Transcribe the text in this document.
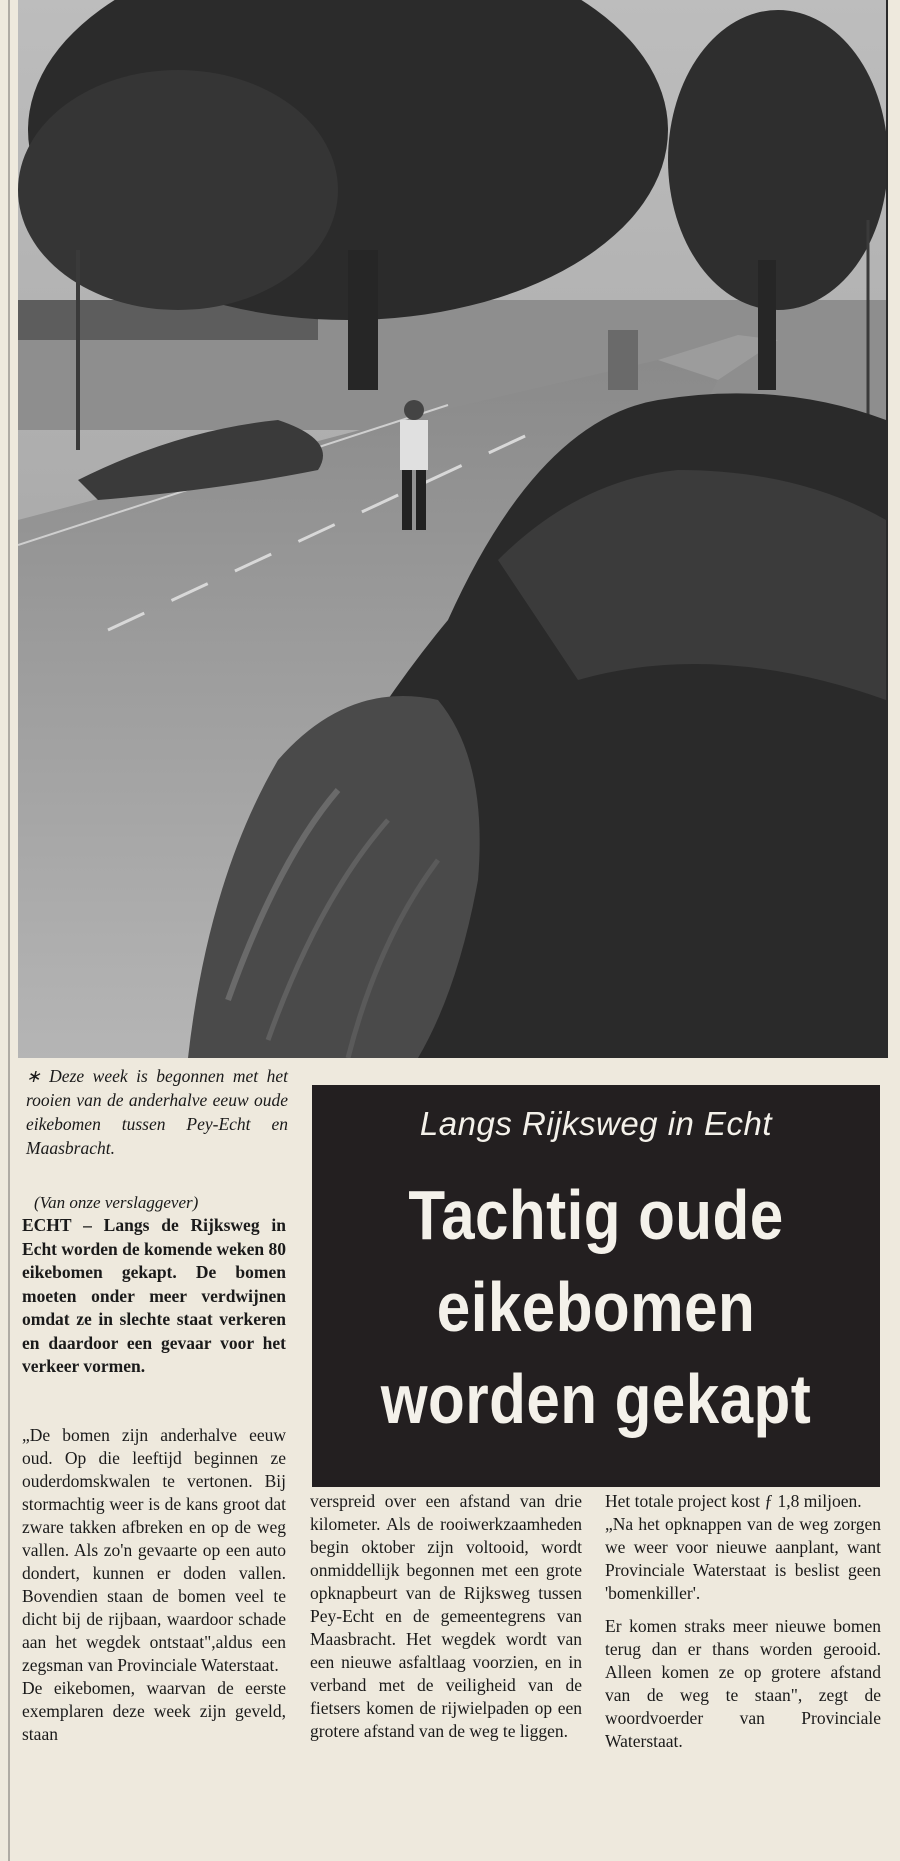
∗ Deze week is begonnen met het rooien van de anderhalve eeuw oude eikebomen tussen Pey-Echt en Maasbracht.
Langs Rijksweg in Echt
Tachtig oude
eikebomen
worden gekapt
(Van onze verslaggever)
ECHT – Langs de Rijksweg in Echt worden de komende weken 80 eikebomen gekapt. De bomen moeten onder meer verdwijnen omdat ze in slechte staat verkeren en daardoor een gevaar voor het verkeer vormen.

„De bomen zijn anderhalve eeuw oud. Op die leeftijd beginnen ze ouderdomskwalen te vertonen. Bij stormachtig weer is de kans groot dat zware takken afbreken en op de weg vallen. Als zo'n gevaarte op een auto dondert, kunnen er doden vallen. Bovendien staan de bomen veel te dicht bij de rijbaan, waardoor schade aan het wegdek ontstaat",aldus een zegsman van Provinciale Waterstaat.

De eikebomen, waarvan de eerste exemplaren deze week zijn geveld, staan

verspreid over een afstand van drie kilometer. Als de rooiwerkzaamheden begin oktober zijn voltooid, wordt onmiddellijk begonnen met een grote opknapbeurt van de Rijksweg tussen Pey-Echt en de gemeentegrens van Maasbracht. Het wegdek wordt van een nieuwe asfaltlaag voorzien, en in verband met de veiligheid van de fietsers komen de rijwielpaden op een grotere afstand van de weg te liggen.

Het totale project kost ƒ 1,8 miljoen.

„Na het opknappen van de weg zorgen we weer voor nieuwe aanplant, want Provinciale Waterstaat is beslist geen 'bomenkiller'.

Er komen straks meer nieuwe bomen terug dan er thans worden gerooid. Alleen komen ze op grotere afstand van de weg te staan", zegt de woordvoerder van Provinciale Waterstaat.
